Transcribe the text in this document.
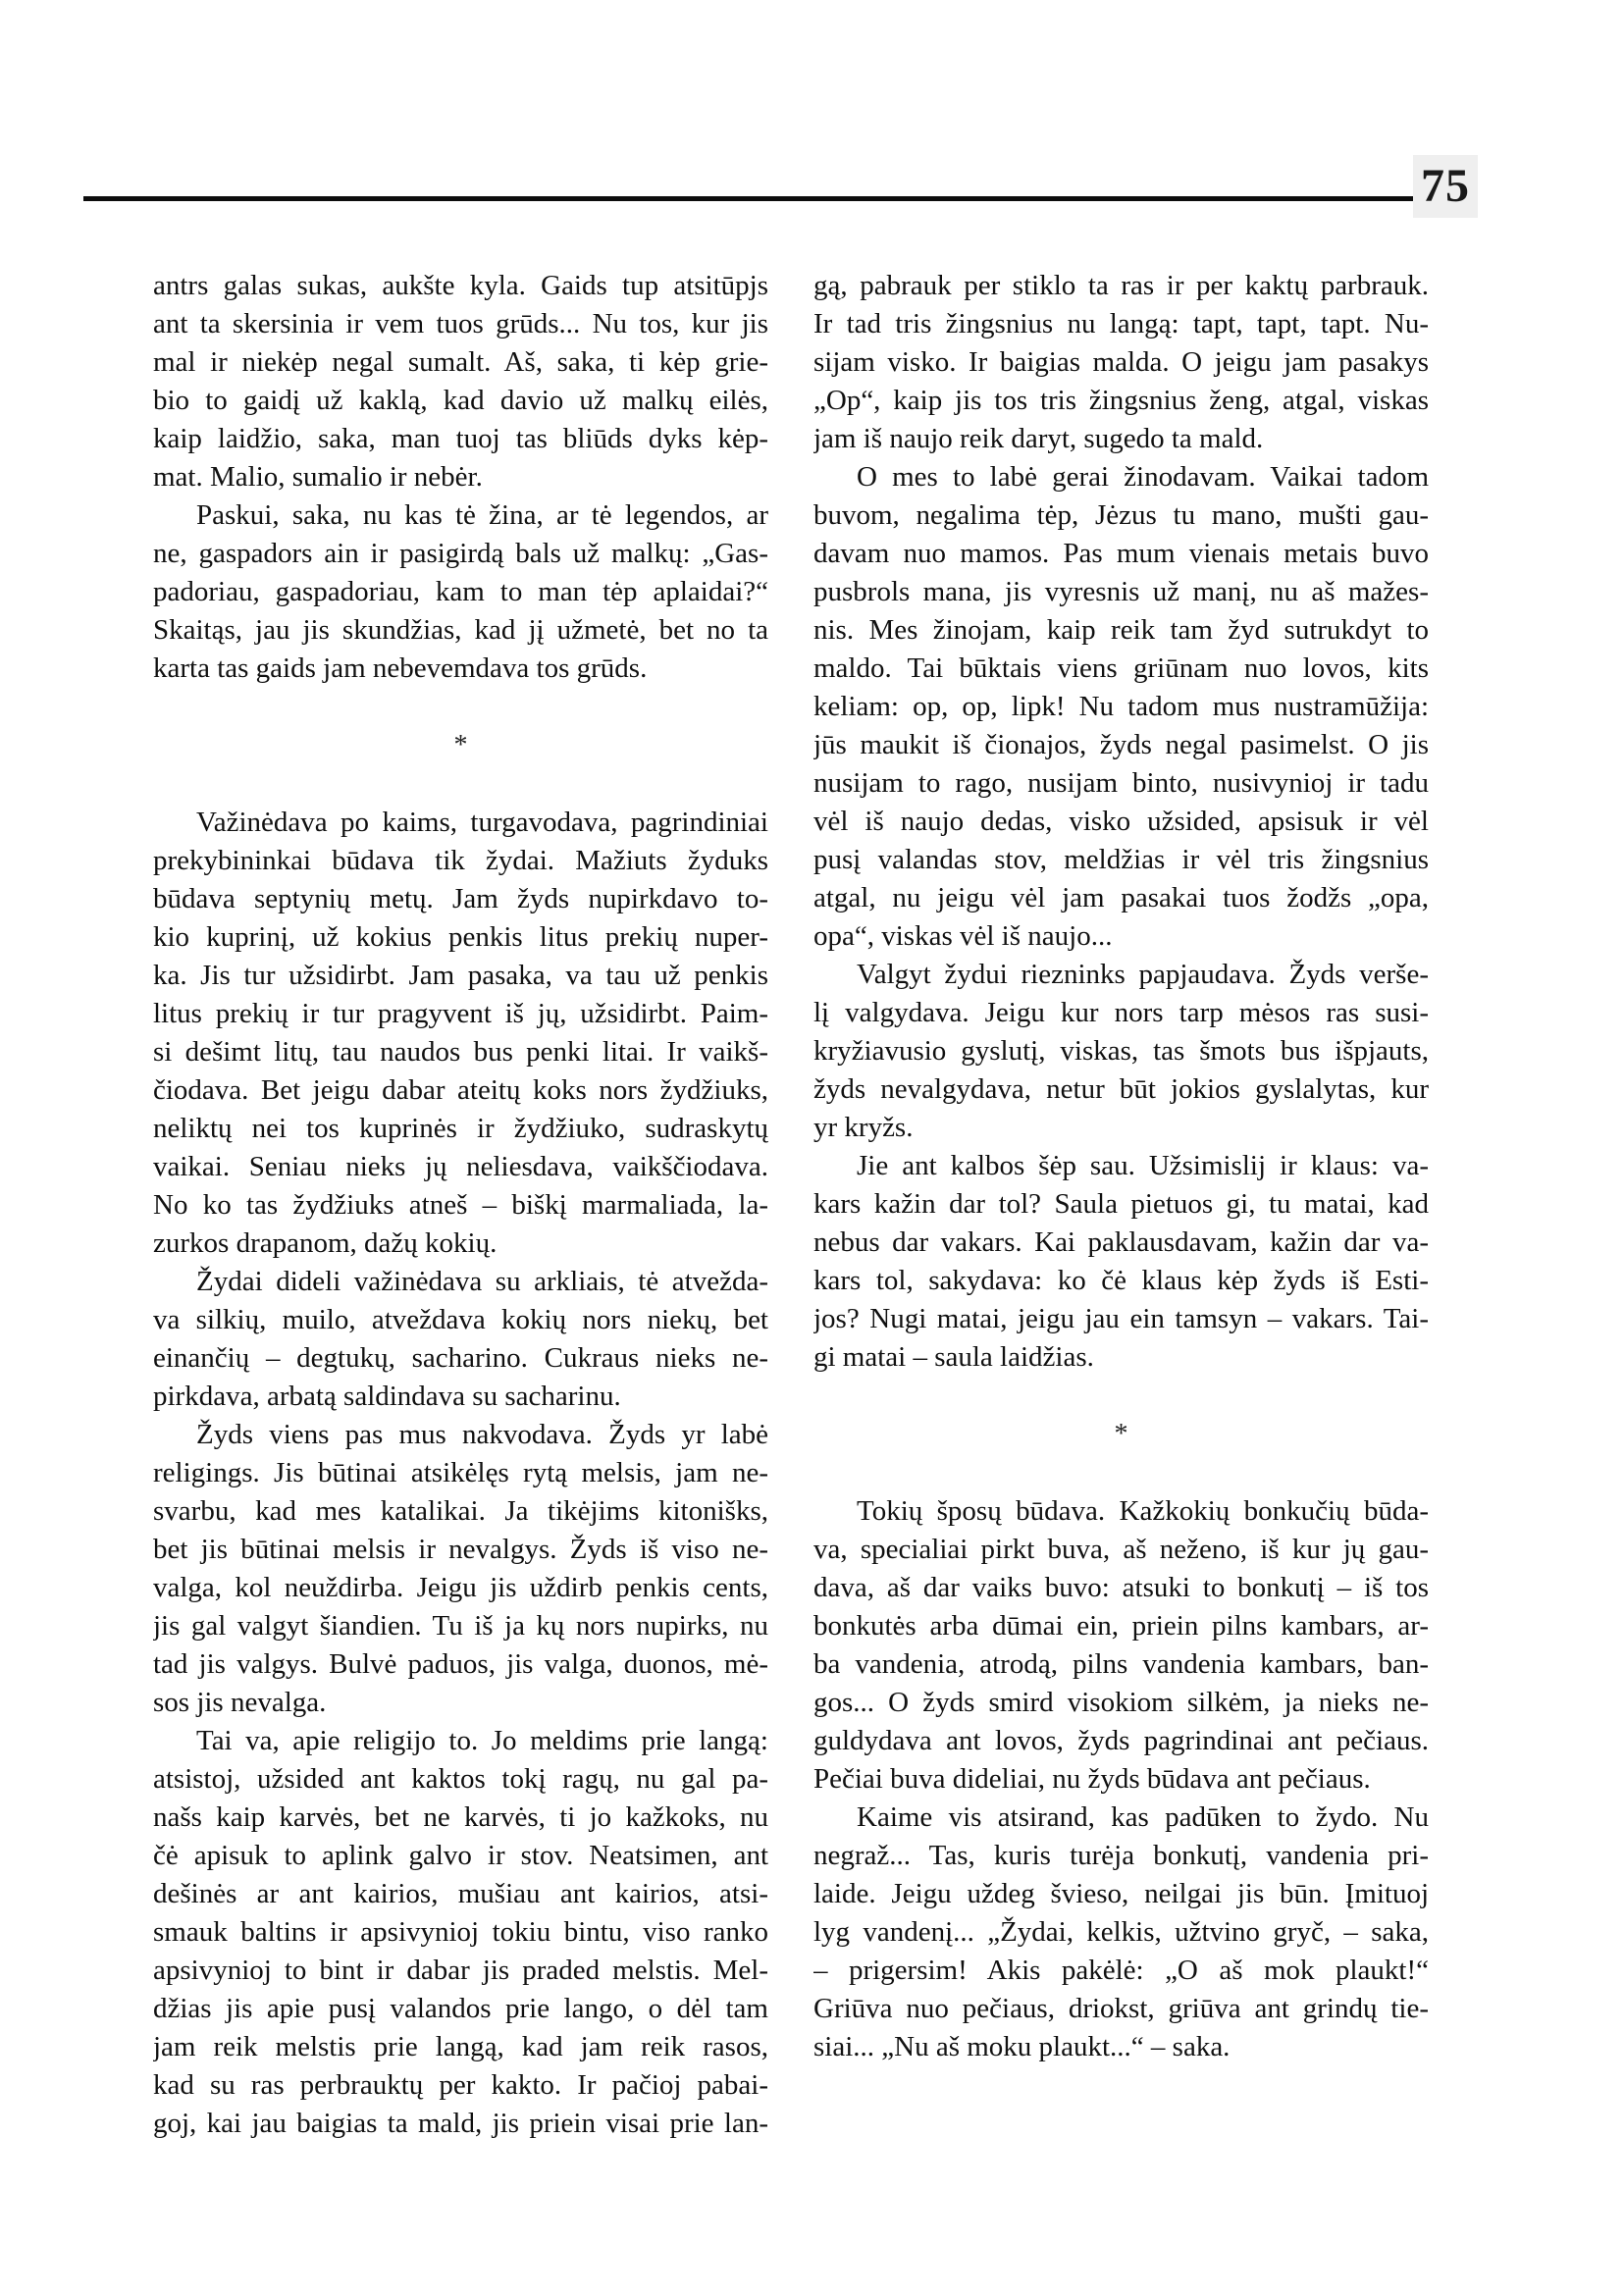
75
antrs galas sukas, aukšte kyla. Gaids tup atsitūpjs
ant ta skersinia ir vem tuos grūds... Nu tos, kur jis
mal ir niekėp negal sumalt. Aš, saka, ti kėp grie-
bio to gaidį už kaklą, kad davio už malkų eilės,
kaip laidžio, saka, man tuoj tas bliūds dyks kėp-
mat. Malio, sumalio ir nebėr.
Paskui, saka, nu kas tė žina, ar tė legendos, ar
ne, gaspadors ain ir pasigirdą bals už malkų: „Gas-
padoriau, gaspadoriau, kam to man tėp aplaidai?“
Skaitąs, jau jis skundžias, kad jį užmetė, bet no ta
karta tas gaids jam nebevemdava tos grūds.
*
Važinėdava po kaims, turgavodava, pagrindiniai
prekybininkai būdava tik žydai. Mažiuts žyduks
būdava septynių metų. Jam žyds nupirkdavo to-
kio kuprinį, už kokius penkis litus prekių nuper-
ka. Jis tur užsidirbt. Jam pasaka, va tau už penkis
litus prekių ir tur pragyvent iš jų, užsidirbt. Paim-
si dešimt litų, tau naudos bus penki litai. Ir vaikš-
čiodava. Bet jeigu dabar ateitų koks nors žydžiuks,
neliktų nei tos kuprinės ir žydžiuko, sudraskytų
vaikai. Seniau nieks jų neliesdava, vaikščiodava.
No ko tas žydžiuks atneš – biškį marmaliada, la-
zurkos drapanom, dažų kokių.
Žydai dideli važinėdava su arkliais, tė atvežda-
va silkių, muilo, atveždava kokių nors niekų, bet
einančių – degtukų, sacharino. Cukraus nieks ne-
pirkdava, arbatą saldindava su sacharinu.
Žyds viens pas mus nakvodava. Žyds yr labė
religings. Jis būtinai atsikėlęs rytą melsis, jam ne-
svarbu, kad mes katalikai. Ja tikėjims kitonišks,
bet jis būtinai melsis ir nevalgys. Žyds iš viso ne-
valga, kol neuždirba. Jeigu jis uždirb penkis cents,
jis gal valgyt šiandien. Tu iš ja kų nors nupirks, nu
tad jis valgys. Bulvė paduos, jis valga, duonos, mė-
sos jis nevalga.
Tai va, apie religijo to. Jo meldims prie langą:
atsistoj, užsided ant kaktos tokį ragų, nu gal pa-
našs kaip karvės, bet ne karvės, ti jo kažkoks, nu
čė apisuk to aplink galvo ir stov. Neatsimen, ant
dešinės ar ant kairios, mušiau ant kairios, atsi-
smauk baltins ir apsivynioj tokiu bintu, viso ranko
apsivynioj to bint ir dabar jis praded melstis. Mel-
džias jis apie pusį valandos prie lango, o dėl tam
jam reik melstis prie langą, kad jam reik rasos,
kad su ras perbrauktų per kakto. Ir pačioj pabai-
goj, kai jau baigias ta mald, jis priein visai prie lan-
gą, pabrauk per stiklo ta ras ir per kaktų parbrauk.
Ir tad tris žingsnius nu langą: tapt, tapt, tapt. Nu-
sijam visko. Ir baigias malda. O jeigu jam pasakys
„Op“, kaip jis tos tris žingsnius ženg, atgal, viskas
jam iš naujo reik daryt, sugedo ta mald.
O mes to labė gerai žinodavam. Vaikai tadom
buvom, negalima tėp, Jėzus tu mano, mušti gau-
davam nuo mamos. Pas mum vienais metais buvo
pusbrols mana, jis vyresnis už manį, nu aš mažes-
nis. Mes žinojam, kaip reik tam žyd sutrukdyt to
maldo. Tai būktais viens griūnam nuo lovos, kits
keliam: op, op, lipk! Nu tadom mus nustramūžija:
jūs maukit iš čionajos, žyds negal pasimelst. O jis
nusijam to rago, nusijam binto, nusivynioj ir tadu
vėl iš naujo dedas, visko užsided, apsisuk ir vėl
pusį valandas stov, meldžias ir vėl tris žingsnius
atgal, nu jeigu vėl jam pasakai tuos žodžs „opa,
opa“, viskas vėl iš naujo...
Valgyt žydui riezninks papjaudava. Žyds verše-
lį valgydava. Jeigu kur nors tarp mėsos ras susi-
kryžiavusio gyslutį, viskas, tas šmots bus išpjauts,
žyds nevalgydava, netur būt jokios gyslalytas, kur
yr kryžs.
Jie ant kalbos šėp sau. Užsimislij ir klaus: va-
kars kažin dar tol? Saula pietuos gi, tu matai, kad
nebus dar vakars. Kai paklausdavam, kažin dar va-
kars tol, sakydava: ko čė klaus kėp žyds iš Esti-
jos? Nugi matai, jeigu jau ein tamsyn – vakars. Tai-
gi matai – saula laidžias.
*
Tokių šposų būdava. Kažkokių bonkučių būda-
va, specialiai pirkt buva, aš neženo, iš kur jų gau-
dava, aš dar vaiks buvo: atsuki to bonkutį – iš tos
bonkutės arba dūmai ein, priein pilns kambars, ar-
ba vandenia, atrodą, pilns vandenia kambars, ban-
gos... O žyds smird visokiom silkėm, ja nieks ne-
guldydava ant lovos, žyds pagrindinai ant pečiaus.
Pečiai buva dideliai, nu žyds būdava ant pečiaus.
Kaime vis atsirand, kas padūken to žydo. Nu
negraž... Tas, kuris turėja bonkutį, vandenia pri-
laide. Jeigu uždeg švieso, neilgai jis būn. Įmituoj
lyg vandenį... „Žydai, kelkis, užtvino gryč, – saka,
– prigersim! Akis pakėlė: „O aš mok plaukt!“
Griūva nuo pečiaus, driokst, griūva ant grindų tie-
siai... „Nu aš moku plaukt...“ – saka.
